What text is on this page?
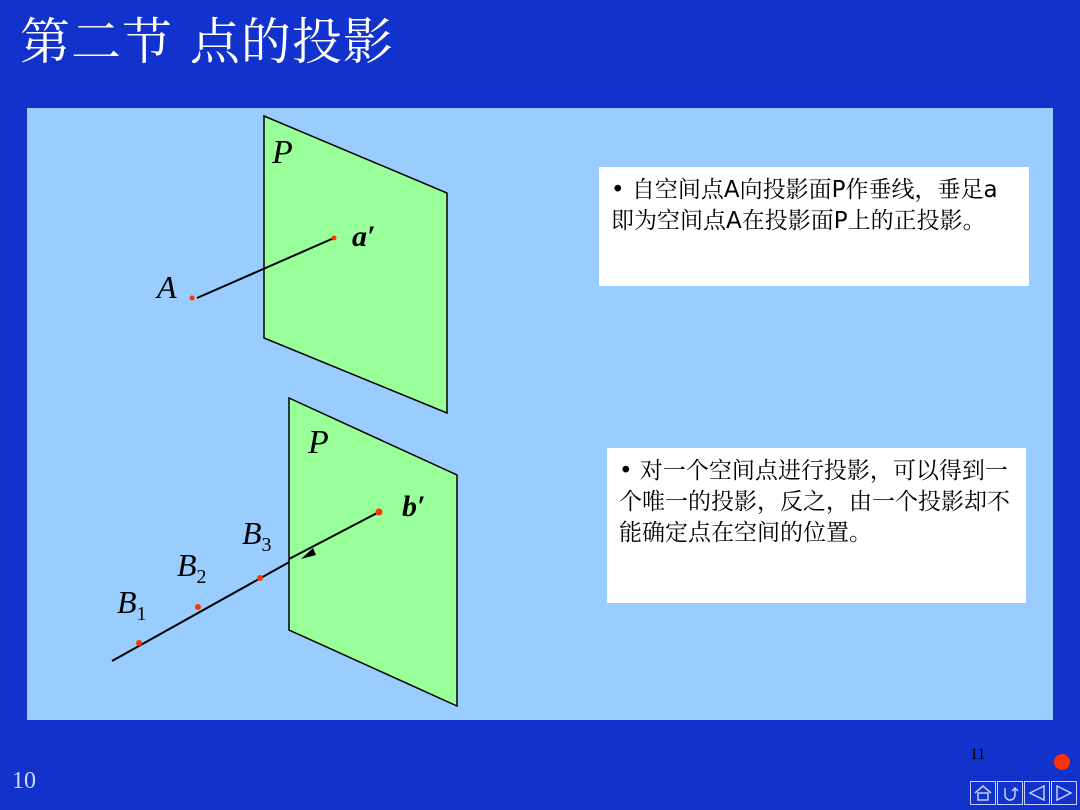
第二节 点的投影
P
A
a′
P
b′
$B_1$
$B_2$
$B_3$
• 自空间点A向投影面P作垂线，垂足a即为空间点A在投影面P上的正投影。
• 对一个空间点进行投影，可以得到一个唯一的投影，反之，由一个投影却不能确定点在空间的位置。
10
11
